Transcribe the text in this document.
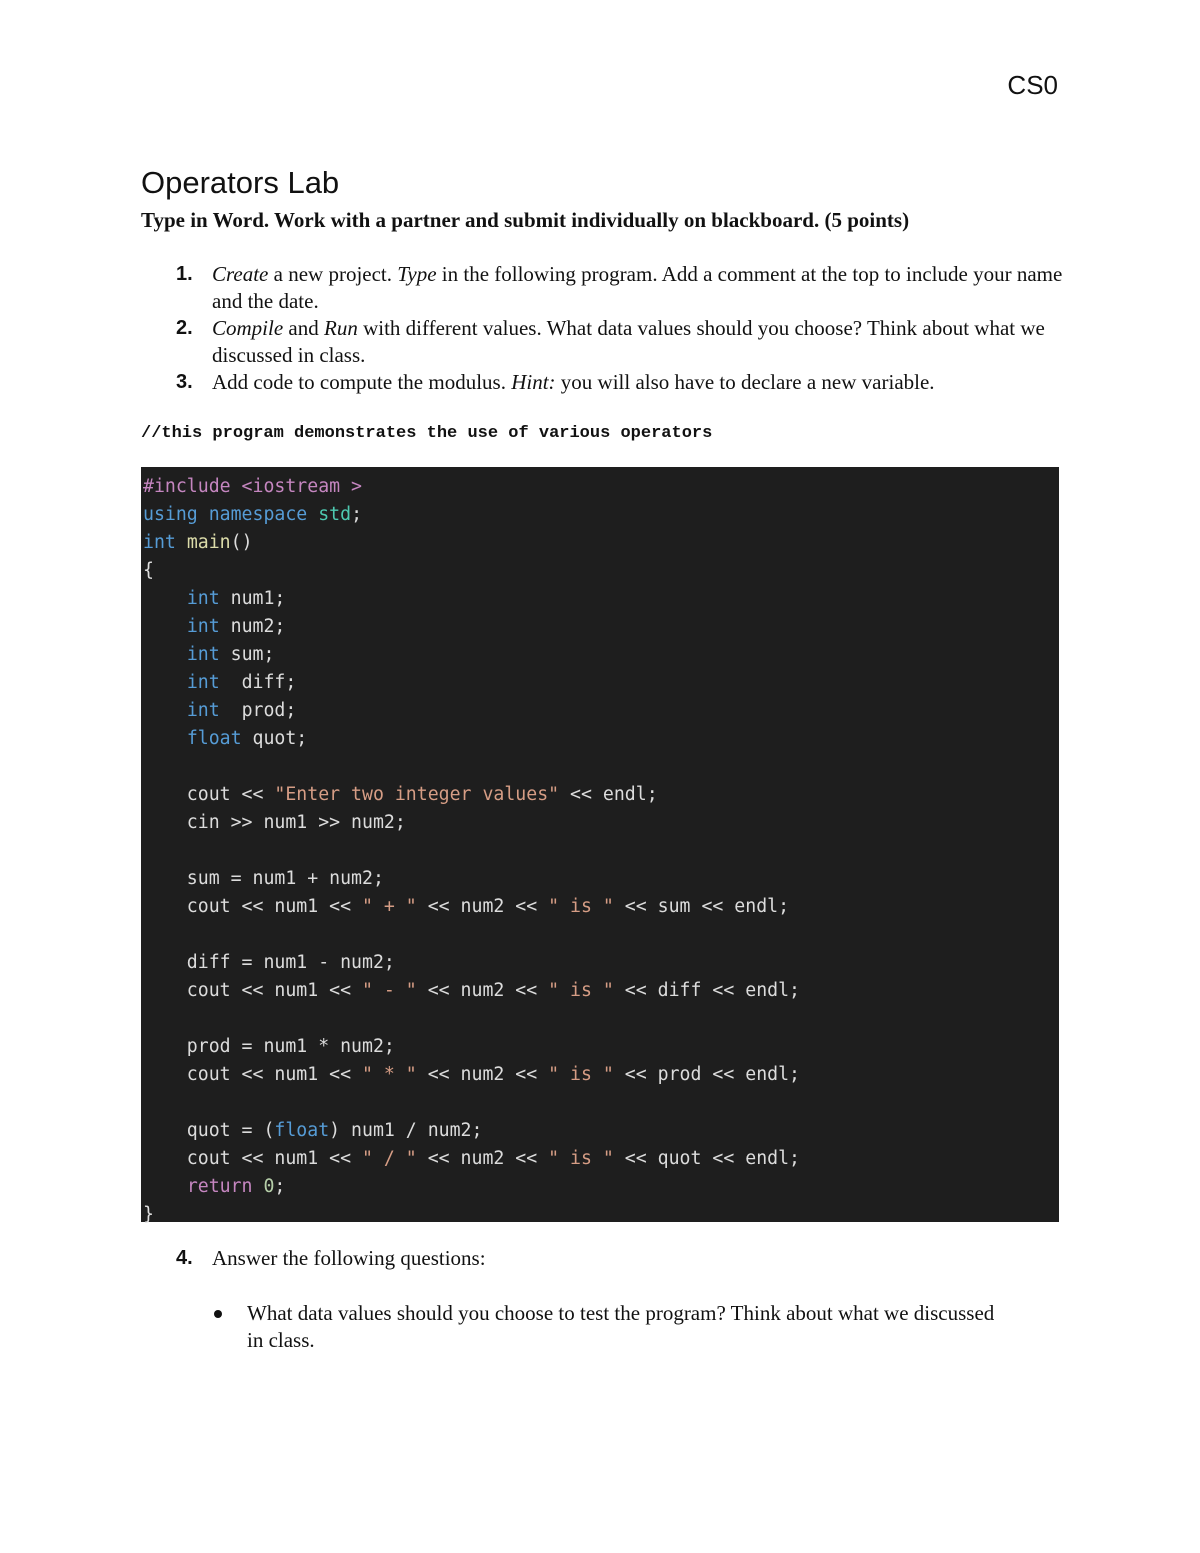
CS0
Operators Lab

Type in Word. Work with a partner and submit individually on blackboard. (5 points)

1. Create a new project. Type in the following program. Add a comment at the top to include your name and the date.
2. Compile and Run with different values. What data values should you choose? Think about what we discussed in class.
3. Add code to compute the modulus. Hint: you will also have to declare a new variable.

//this program demonstrates the use of various operators

#include <iostream >
using namespace std;
int main()
{
int num1;
int num2;
int sum;
int  diff;
int  prod;
float quot;

cout << "Enter two integer values" << endl;
cin >> num1 >> num2;

sum = num1 + num2;
cout << num1 << " + " << num2 << " is " << sum << endl;

diff = num1 - num2;
cout << num1 << " - " << num2 << " is " << diff << endl;

prod = num1 * num2;
cout << num1 << " * " << num2 << " is " << prod << endl;

quot = (float) num1 / num2;
cout << num1 << " / " << num2 << " is " << quot << endl;
return 0;
}
4. Answer the following questions:
What data values should you choose to test the program? Think about what we discussed in class.
